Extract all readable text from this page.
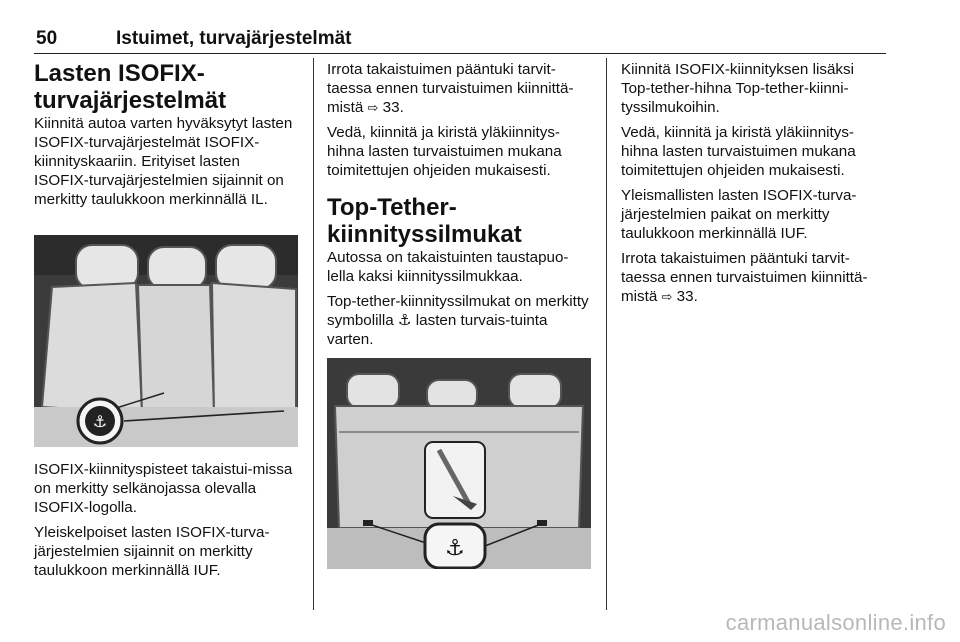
50	Istuimet, turvajärjestelmät
Lasten ISOFIX-turvajärjestelmät

Kiinnitä autoa varten hyväksytyt lasten ISOFIX-turvajärjestelmät ISOFIX-kiinnityskaariin. Erityiset lasten ISOFIX-turvajärjestelmien sijainnit on merkitty taulukkoon merkinnällä IL.

⚓

ISOFIX-kiinnityspisteet takaistui-missa on merkitty selkänojassa olevalla ISOFIX-logolla.

Yleiskelpoiset lasten ISOFIX-turva-järjestelmien sijainnit on merkitty taulukkoon merkinnällä IUF.

Irrota takaistuimen pääntuki tarvit-taessa ennen turvaistuimen kiinnittä-mistä ⇨ 33.

Vedä, kiinnitä ja kiristä yläkiinnitys-hihna lasten turvaistuimen mukana toimitettujen ohjeiden mukaisesti.

Top-Tether-kiinnityssilmukat

Autossa on takaistuinten taustapuo-lella kaksi kiinnityssilmukkaa.

Top-tether-kiinnityssilmukat on merkitty symbolilla ⚓ lasten turvais-tuinta varten.

⚓

Kiinnitä ISOFIX-kiinnityksen lisäksi Top-tether-hihna Top-tether-kiinni-tyssilmukoihin.

Vedä, kiinnitä ja kiristä yläkiinnitys-hihna lasten turvaistuimen mukana toimitettujen ohjeiden mukaisesti.

Yleismallisten lasten ISOFIX-turva-järjestelmien paikat on merkitty taulukkoon merkinnällä IUF.

Irrota takaistuimen pääntuki tarvit-taessa ennen turvaistuimen kiinnittä-mistä ⇨ 33.

carmanualsonline.info
